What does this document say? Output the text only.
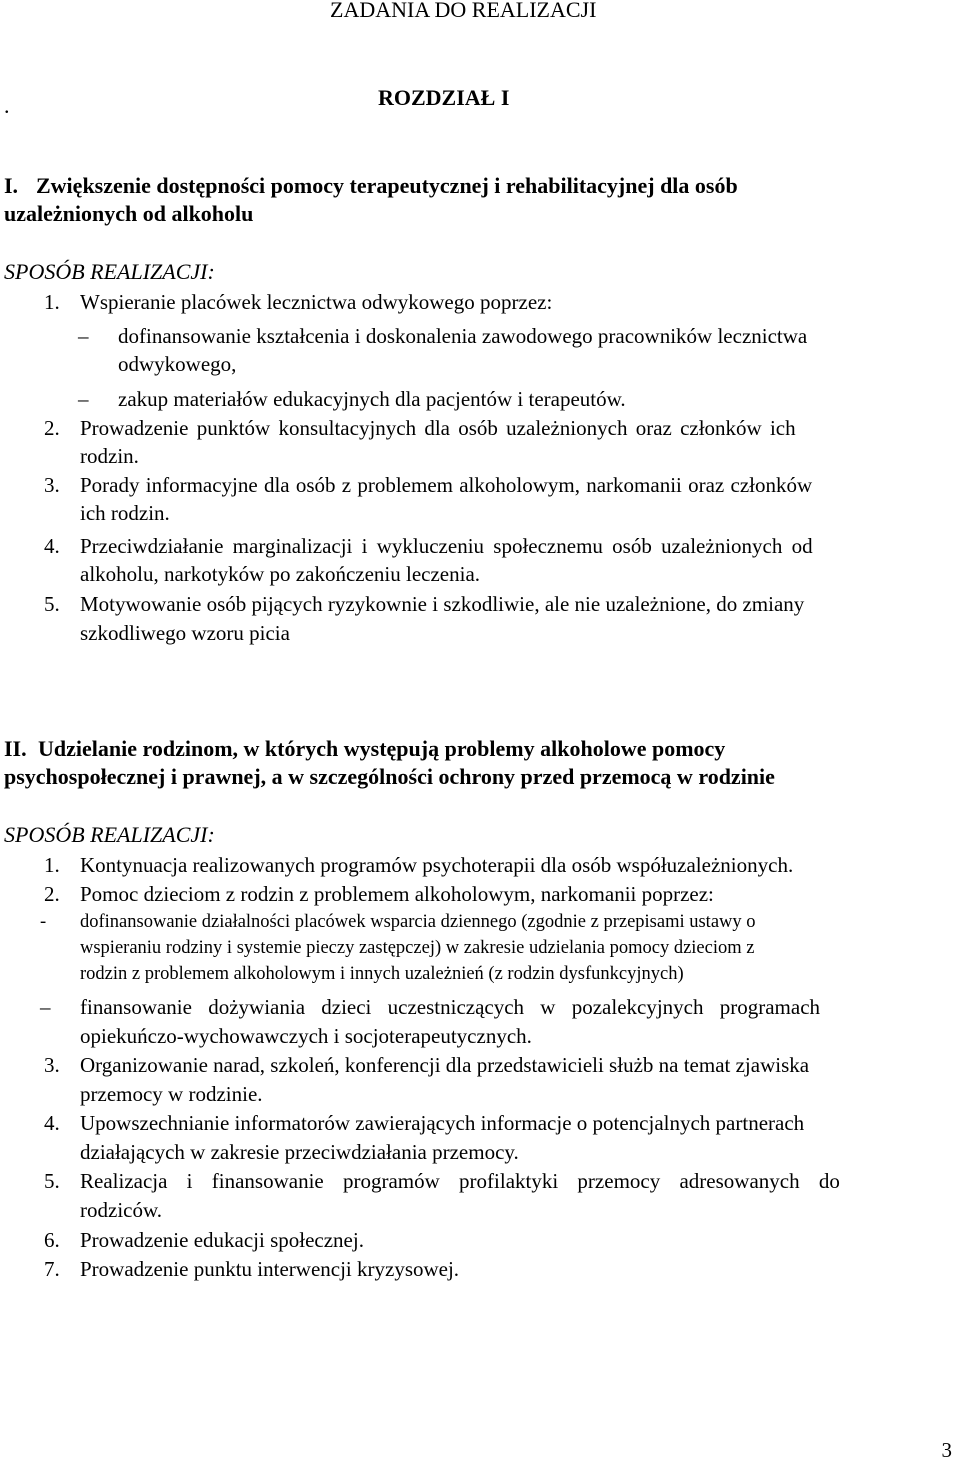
ZADANIA DO REALIZACJI
.	ROZDZIAŁ I
I. Zwiększenie dostępności pomocy terapeutycznej i rehabilitacyjnej dla osób
uzależnionych od alkoholu
SPOSÓB REALIZACJI:
1. Wspieranie placówek lecznictwa odwykowego poprzez:
– dofinansowanie kształcenia i doskonalenia zawodowego pracowników lecznictwa
odwykowego,
– zakup materiałów edukacyjnych dla pacjentów i terapeutów.
2. Prowadzenie punktów konsultacyjnych dla osób uzależnionych oraz członków ich
rodzin.
3. Porady informacyjne dla osób z problemem alkoholowym, narkomanii oraz członków
ich rodzin.
4. Przeciwdziałanie marginalizacji i wykluczeniu społecznemu osób uzależnionych od
alkoholu, narkotyków po zakończeniu leczenia.
5. Motywowanie osób pijących ryzykownie i szkodliwie, ale nie uzależnione, do zmiany
szkodliwego wzoru picia
II. Udzielanie rodzinom, w których występują problemy alkoholowe pomocy
psychospołecznej i prawnej, a w szczególności ochrony przed przemocą w rodzinie
SPOSÓB REALIZACJI:
1. Kontynuacja realizowanych programów psychoterapii dla osób współuzależnionych.
2. Pomoc dzieciom z rodzin z problemem alkoholowym, narkomanii poprzez:
- dofinansowanie działalności placówek wsparcia dziennego (zgodnie z przepisami ustawy o
wspieraniu rodziny i systemie pieczy zastępczej) w zakresie udzielania pomocy dzieciom z
rodzin z problemem alkoholowym i innych uzależnień (z rodzin dysfunkcyjnych)
– finansowanie dożywiania dzieci uczestniczących w pozalekcyjnych programach
opiekuńczo-wychowawczych i socjoterapeutycznych.
3. Organizowanie narad, szkoleń, konferencji dla przedstawicieli służb na temat zjawiska
przemocy w rodzinie.
4. Upowszechnianie informatorów zawierających informacje o potencjalnych partnerach
działających w zakresie przeciwdziałania przemocy.
5. Realizacja i finansowanie programów profilaktyki przemocy adresowanych do
rodziców.
6. Prowadzenie edukacji społecznej.
7. Prowadzenie punktu interwencji kryzysowej.
3
